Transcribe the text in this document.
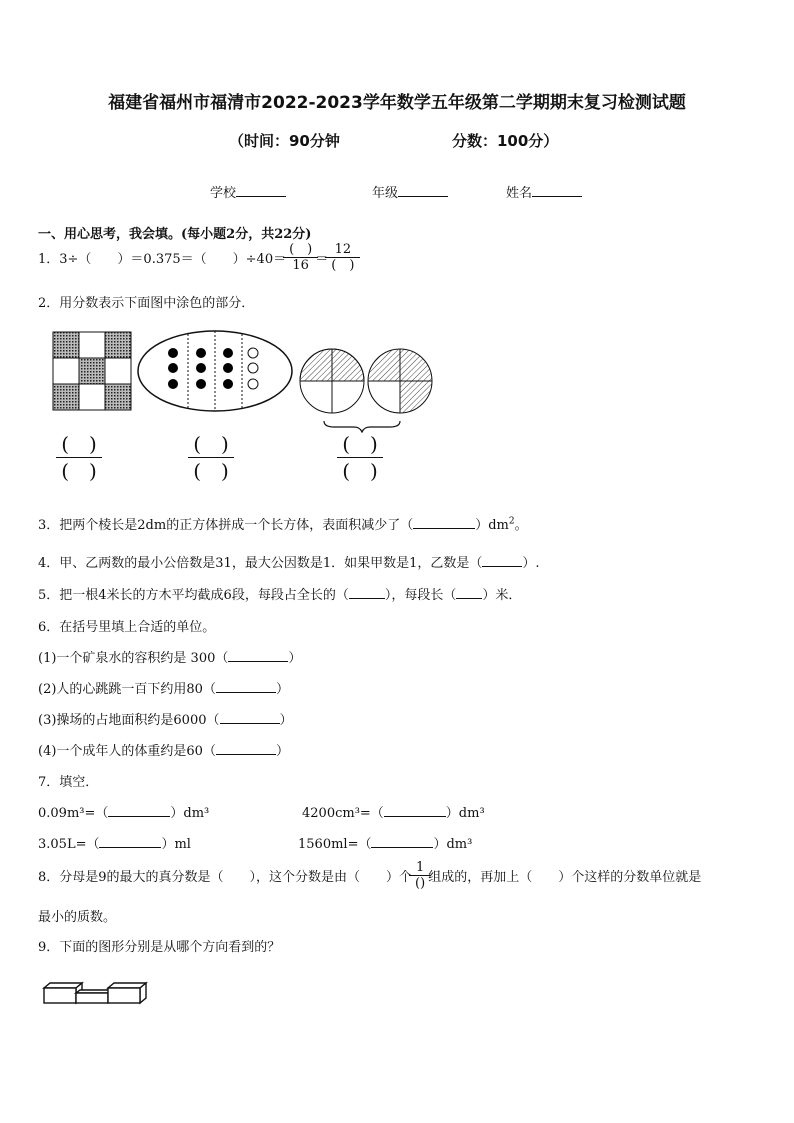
福建省福州市福清市2022-2023学年数学五年级第二学期期末复习检测试题
（时间：90分钟	分数：100分）
学校	年级	姓名
一、用心思考，我会填。(每小题2分，共22分)
1．3÷（　　）＝0.375＝（　　）$\div 40= \frac{( )}{16} = \frac{12}{( )}$
2．用分数表示下面图中涂色的部分．
(　)
(　)
(　)
(　)
(　)
(　)
3．把两个棱长是2dm的正方体拼成一个长方体，表面积减少了（	）$dm^2$。
4．甲、乙两数的最小公倍数是31，最大公因数是1．如果甲数是1，乙数是（	）.
5．把一根4米长的方木平均截成6段，每段占全长的（	），每段长（ ）米．
6．在括号里填上合适的单位。
(1)一个矿泉水的容积约是 300（	）
(2)人的心跳跳一百下约用80（	）
(3)操场的占地面积约是6000（	）
(4)一个成年人的体重约是60（	）
7．填空．
0.09m³=（	）dm³	4200cm³=（	）dm³
3.05L=（	）ml	1560ml=（	）dm³
8．分母是9的最大的真分数是（　　），这个分数是由（　　）个 $\frac{1}{()}$ 组成的，再加上（　　）个这样的分数单位就是
最小的质数。
9．下面的图形分别是从哪个方向看到的？
